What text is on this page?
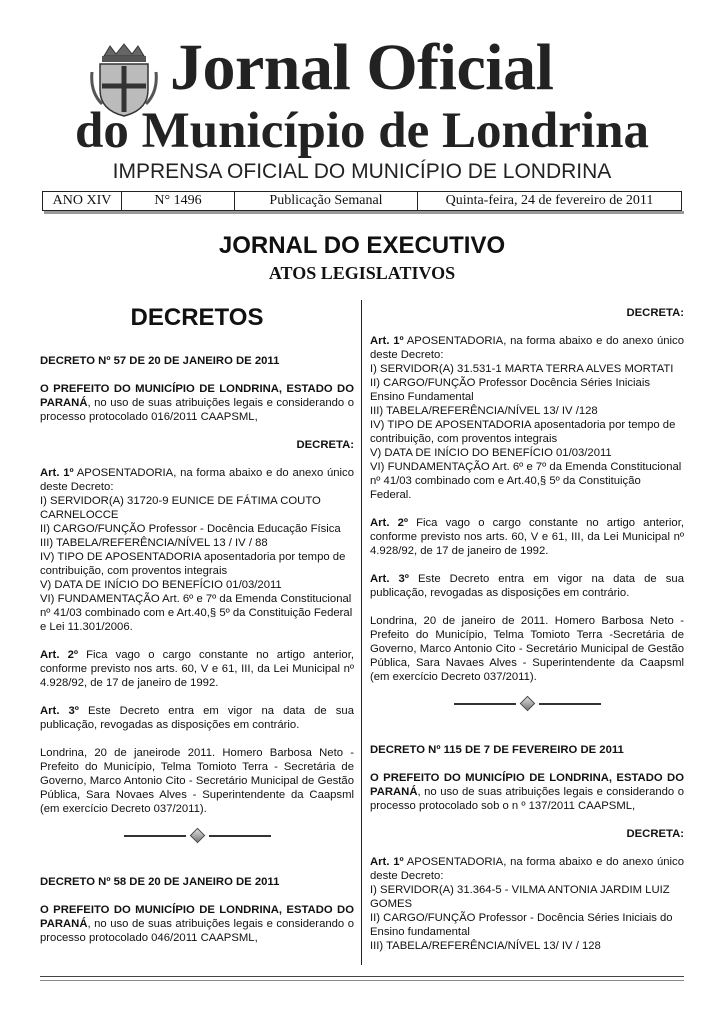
Jornal Oficial
do Município de Londrina
IMPRENSA OFICIAL DO MUNICÍPIO DE LONDRINA
ANO XIV	N° 1496	Publicação Semanal	Quinta-feira, 24 de fevereiro de 2011
JORNAL DO EXECUTIVO
ATOS LEGISLATIVOS
DECRETOS

DECRETO Nº 57 DE 20 DE JANEIRO DE 2011

O PREFEITO DO MUNICÍPIO DE LONDRINA, ESTADO DO PARANÁ, no uso de suas atribuições legais e considerando o processo protocolado 016/2011 CAAPSML,

DECRETA:

Art. 1º APOSENTADORIA, na forma abaixo e do anexo único deste Decreto:

I) SERVIDOR(A) 31720-9 EUNICE DE FÁTIMA COUTO CARNELOCCE

II) CARGO/FUNÇÃO Professor - Docência Educação Física

III) TABELA/REFERÊNCIA/NÍVEL 13 / IV / 88

IV) TIPO DE APOSENTADORIA aposentadoria por tempo de contribuição, com proventos integrais

V) DATA DE INÍCIO DO BENEFÍCIO 01/03/2011

VI) FUNDAMENTAÇÃO Art. 6º e 7º da Emenda Constitucional nº 41/03 combinado com e Art.40,§ 5º da Constituição Federal e Lei 11.301/2006.

Art. 2º Fica vago o cargo constante no artigo anterior, conforme previsto nos arts. 60, V e 61, III, da Lei Municipal nº 4.928/92, de 17 de janeiro de 1992.

Art. 3º Este Decreto entra em vigor na data de sua publicação, revogadas as disposições em contrário.

Londrina, 20 de janeirode 2011. Homero Barbosa Neto - Prefeito do Município, Telma Tomioto Terra - Secretária de Governo, Marco Antonio Cito - Secretário Municipal de Gestão Pública, Sara Novaes Alves - Superintendente da Caapsml (em exercício Decreto 037/2011).

DECRETO Nº 58 DE 20 DE JANEIRO DE 2011

O PREFEITO DO MUNICÍPIO DE LONDRINA, ESTADO DO PARANÁ, no uso de suas atribuições legais e considerando o processo protocolado 046/2011 CAAPSML,

DECRETA:

Art. 1º APOSENTADORIA, na forma abaixo e do anexo único deste Decreto:

I) SERVIDOR(A) 31.531-1 MARTA TERRA ALVES MORTATI

II) CARGO/FUNÇÃO Professor Docência Séries Iniciais Ensino Fundamental

III) TABELA/REFERÊNCIA/NÍVEL 13/ IV /128

IV) TIPO DE APOSENTADORIA aposentadoria por tempo de contribuição, com proventos integrais

V) DATA DE INÍCIO DO BENEFÍCIO 01/03/2011

VI) FUNDAMENTAÇÃO Art. 6º e 7º da Emenda Constitucional nº 41/03 combinado com e Art.40,§ 5º da Constituição Federal.

Art. 2º Fica vago o cargo constante no artigo anterior, conforme previsto nos arts. 60, V e 61, III, da Lei Municipal nº 4.928/92, de 17 de janeiro de 1992.

Art. 3º Este Decreto entra em vigor na data de sua publicação, revogadas as disposições em contrário.

Londrina, 20 de janeiro de 2011. Homero Barbosa Neto - Prefeito do Município, Telma Tomioto Terra -Secretária de Governo, Marco Antonio Cito - Secretário Municipal de Gestão Pública, Sara Navaes Alves - Superintendente da Caapsml (em exercício Decreto 037/2011).

DECRETO Nº 115 DE 7 DE FEVEREIRO DE 2011

O PREFEITO DO MUNICÍPIO DE LONDRINA, ESTADO DO PARANÁ, no uso de suas atribuições legais e considerando o processo protocolado sob o n º 137/2011 CAAPSML,

DECRETA:

Art. 1º APOSENTADORIA, na forma abaixo e do anexo único deste Decreto:

I) SERVIDOR(A) 31.364-5 - VILMA ANTONIA JARDIM LUIZ GOMES

II) CARGO/FUNÇÃO Professor - Docência Séries Iniciais do Ensino fundamental

III) TABELA/REFERÊNCIA/NÍVEL 13/ IV / 128
